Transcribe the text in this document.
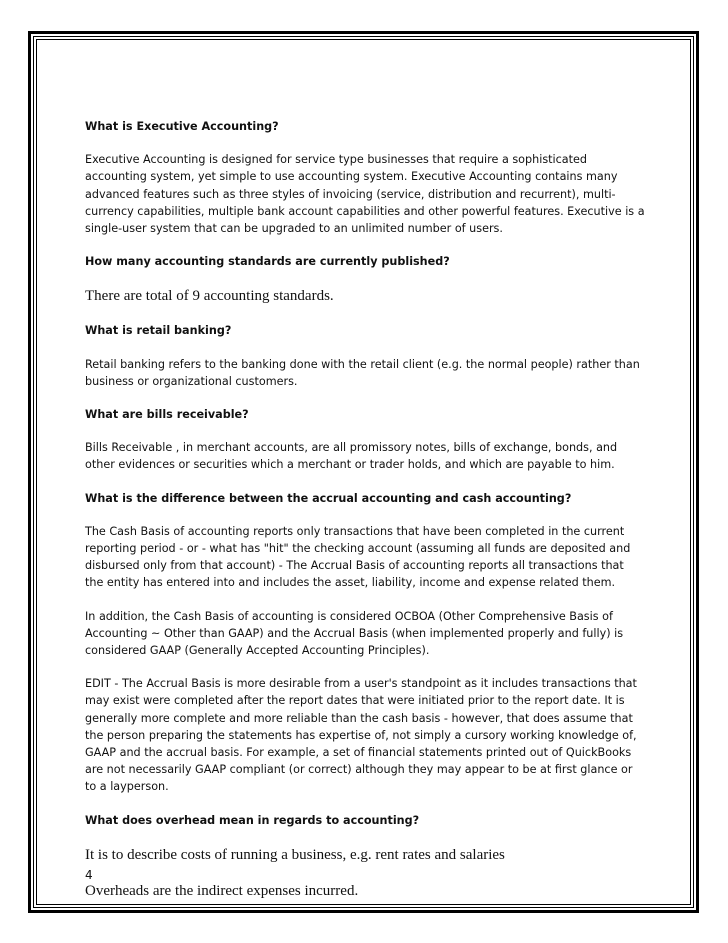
What is Executive Accounting?
Executive Accounting is designed for service type businesses that require a sophisticated accounting system, yet simple to use accounting system. Executive Accounting contains many advanced features such as three styles of invoicing (service, distribution and recurrent), multi-currency capabilities, multiple bank account capabilities and other powerful features. Executive is a single-user system that can be upgraded to an unlimited number of users.
How many accounting standards are currently published?
There are total of 9 accounting standards.
What is retail banking?
Retail banking refers to the banking done with the retail client (e.g. the normal people) rather than business or organizational customers.
What are bills receivable?
Bills Receivable , in merchant accounts, are all promissory notes, bills of exchange, bonds, and other evidences or securities which a merchant or trader holds, and which are payable to him.
What is the difference between the accrual accounting and cash accounting?
The Cash Basis of accounting reports only transactions that have been completed in the current reporting period - or - what has "hit" the checking account (assuming all funds are deposited and disbursed only from that account) - The Accrual Basis of accounting reports all transactions that the entity has entered into and includes the asset, liability, income and expense related them.
In addition, the Cash Basis of accounting is considered OCBOA (Other Comprehensive Basis of Accounting ~ Other than GAAP) and the Accrual Basis (when implemented properly and fully) is considered GAAP (Generally Accepted Accounting Principles).
EDIT - The Accrual Basis is more desirable from a user's standpoint as it includes transactions that may exist were completed after the report dates that were initiated prior to the report date. It is generally more complete and more reliable than the cash basis - however, that does assume that the person preparing the statements has expertise of, not simply a cursory working knowledge of, GAAP and the accrual basis. For example, a set of financial statements printed out of QuickBooks are not necessarily GAAP compliant (or correct) although they may appear to be at first glance or to a layperson.
What does overhead mean in regards to accounting?
It is to describe costs of running a business, e.g. rent rates and salaries
Overheads are the indirect expenses incurred.
4
